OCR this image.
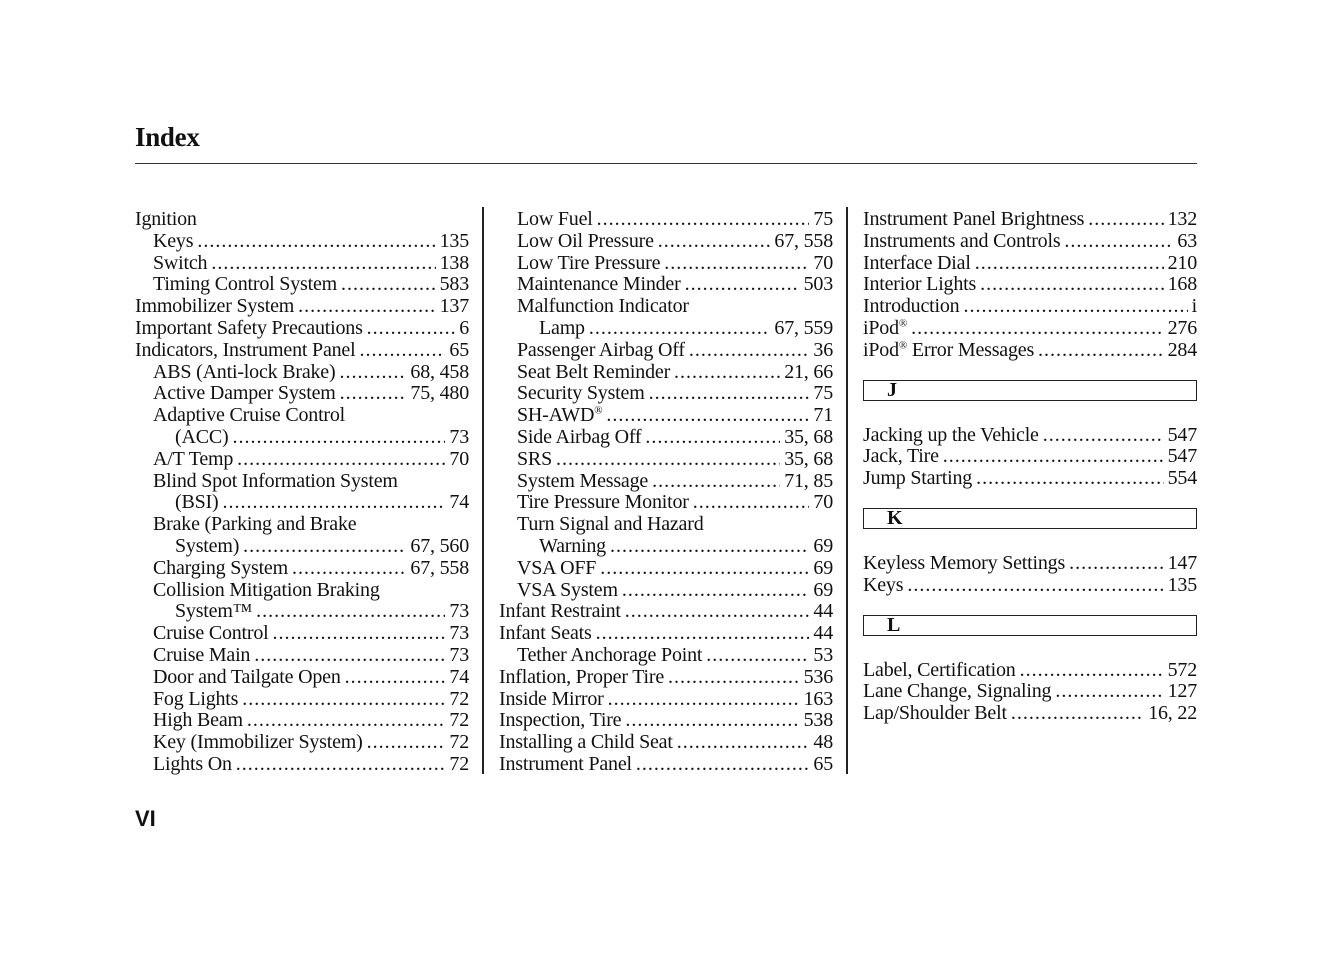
Index
Ignition
Keys .....	135
Switch .....	138
Timing Control System .....	583
Immobilizer System .....	137
Important Safety Precautions .....	6
Indicators, Instrument Panel .....	65
ABS (Anti-lock Brake) .....	68, 458
Active Damper System .....	75, 480
Adaptive Cruise Control
(ACC) .....	73
A/T Temp .....	70
Blind Spot Information System
(BSI) .....	74
Brake (Parking and Brake
System) .....	67, 560
Charging System .....	67, 558
Collision Mitigation Braking
System™ .....	73
Cruise Control .....	73
Cruise Main .....	73
Door and Tailgate Open .....	74
Fog Lights .....	72
High Beam .....	72
Key (Immobilizer System) .....	72
Lights On .....	72
Low Fuel .....	75
Low Oil Pressure .....	67, 558
Low Tire Pressure .....	70
Maintenance Minder .....	503
Malfunction Indicator
Lamp .....	67, 559
Passenger Airbag Off .....	36
Seat Belt Reminder .....	21, 66
Security System .....	75
SH-AWD® .....	71
Side Airbag Off .....	35, 68
SRS .....	35, 68
System Message .....	71, 85
Tire Pressure Monitor .....	70
Turn Signal and Hazard
Warning .....	69
VSA OFF .....	69
VSA System .....	69
Infant Restraint .....	44
Infant Seats .....	44
Tether Anchorage Point .....	53
Inflation, Proper Tire .....	536
Inside Mirror .....	163
Inspection, Tire .....	538
Installing a Child Seat .....	48
Instrument Panel .....	65
Instrument Panel Brightness .....	132
Instruments and Controls .....	63
Interface Dial .....	210
Interior Lights .....	168
Introduction .....	i
iPod® .....	276
iPod® Error Messages .....	284
J
Jacking up the Vehicle .....	547
Jack, Tire .....	547
Jump Starting .....	554
K
Keyless Memory Settings .....	147
Keys .....	135
L
Label, Certification .....	572
Lane Change, Signaling .....	127
Lap/Shoulder Belt .....	16, 22
VI
